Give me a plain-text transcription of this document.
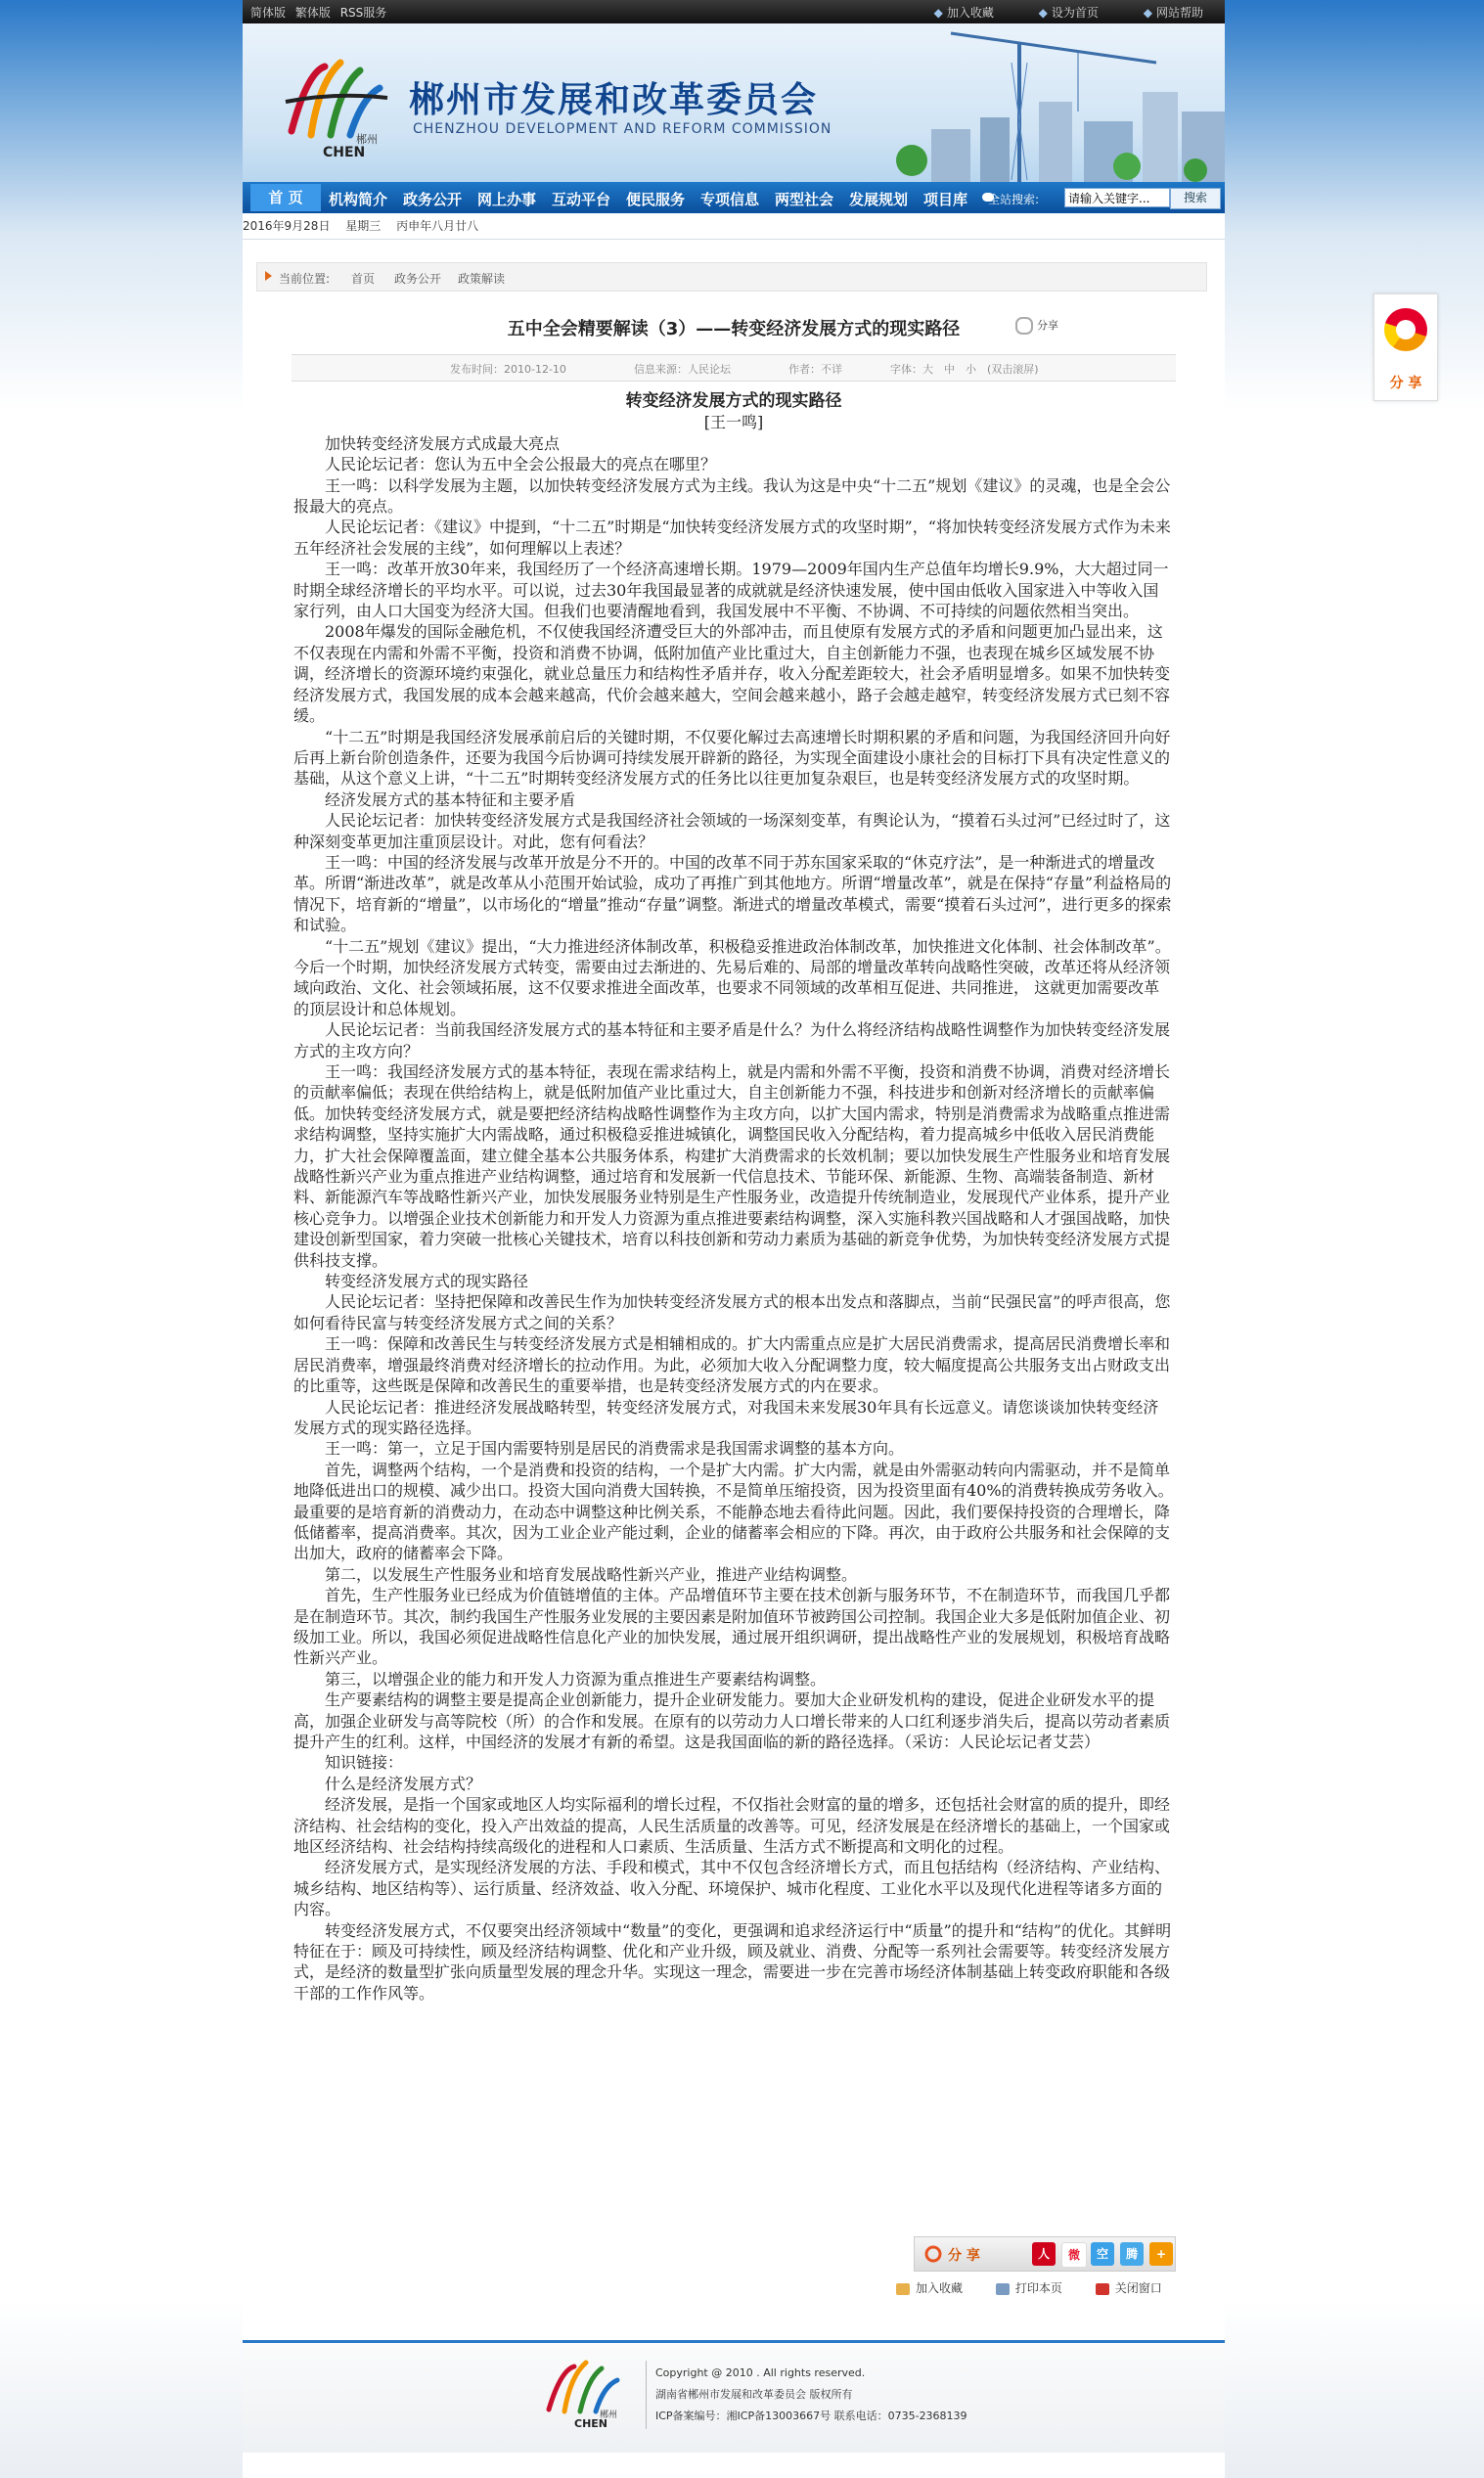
简体版 繁体版 RSS服务	◆ 加入收藏	◆ 设为首页	◆ 网站帮助
郴州
CHEN
郴州市发展和改革委员会
CHENZHOU DEVELOPMENT AND REFORM COMMISSION
首 页	机构简介 政务公开 网上办事 互动平台 便民服务 专项信息 两型社会 发展规划 项目库 全站搜索:
请输入关键字...	搜索
2016年9月28日 星期三 丙申年八月廿八
当前位置: 首页 政务公开 政策解读
五中全会精要解读（3）——转变经济发展方式的现实路径	分享
发布时间：2010-12-10	信息来源：人民论坛	作者：不详	字体：大　中　小　(双击滚屏)
转变经济发展方式的现实路径
[王一鸣]

加快转变经济发展方式成最大亮点

人民论坛记者：您认为五中全会公报最大的亮点在哪里？

王一鸣：以科学发展为主题，以加快转变经济发展方式为主线。我认为这是中央“十二五”规划《建议》的灵魂，也是全会公报最大的亮点。

人民论坛记者：《建议》中提到，“十二五”时期是“加快转变经济发展方式的攻坚时期”，“将加快转变经济发展方式作为未来五年经济社会发展的主线”，如何理解以上表述？

王一鸣：改革开放30年来，我国经历了一个经济高速增长期。1979—2009年国内生产总值年均增长9.9%，大大超过同一时期全球经济增长的平均水平。可以说，过去30年我国最显著的成就就是经济快速发展，使中国由低收入国家进入中等收入国家行列，由人口大国变为经济大国。但我们也要清醒地看到，我国发展中不平衡、不协调、不可持续的问题依然相当突出。

2008年爆发的国际金融危机，不仅使我国经济遭受巨大的外部冲击，而且使原有发展方式的矛盾和问题更加凸显出来，这不仅表现在内需和外需不平衡，投资和消费不协调，低附加值产业比重过大，自主创新能力不强，也表现在城乡区域发展不协调，经济增长的资源环境约束强化，就业总量压力和结构性矛盾并存，收入分配差距较大，社会矛盾明显增多。如果不加快转变经济发展方式，我国发展的成本会越来越高，代价会越来越大，空间会越来越小，路子会越走越窄，转变经济发展方式已刻不容缓。

“十二五”时期是我国经济发展承前启后的关键时期，不仅要化解过去高速增长时期积累的矛盾和问题，为我国经济回升向好后再上新台阶创造条件，还要为我国今后协调可持续发展开辟新的路径，为实现全面建设小康社会的目标打下具有决定性意义的基础，从这个意义上讲，“十二五”时期转变经济发展方式的任务比以往更加复杂艰巨，也是转变经济发展方式的攻坚时期。

经济发展方式的基本特征和主要矛盾

人民论坛记者：加快转变经济发展方式是我国经济社会领域的一场深刻变革，有舆论认为，“摸着石头过河”已经过时了，这种深刻变革更加注重顶层设计。对此，您有何看法？

王一鸣：中国的经济发展与改革开放是分不开的。中国的改革不同于苏东国家采取的“休克疗法”，是一种渐进式的增量改革。所谓“渐进改革”，就是改革从小范围开始试验，成功了再推广到其他地方。所谓“增量改革”，就是在保持“存量”利益格局的情况下，培育新的“增量”，以市场化的“增量”推动“存量”调整。渐进式的增量改革模式，需要“摸着石头过河”，进行更多的探索和试验。

“十二五”规划《建议》提出，“大力推进经济体制改革，积极稳妥推进政治体制改革，加快推进文化体制、社会体制改革”。今后一个时期，加快经济发展方式转变，需要由过去渐进的、先易后难的、局部的增量改革转向战略性突破，改革还将从经济领域向政治、文化、社会领域拓展，这不仅要求推进全面改革，也要求不同领域的改革相互促进、共同推进， 这就更加需要改革的顶层设计和总体规划。

人民论坛记者：当前我国经济发展方式的基本特征和主要矛盾是什么？为什么将经济结构战略性调整作为加快转变经济发展方式的主攻方向？

王一鸣：我国经济发展方式的基本特征，表现在需求结构上，就是内需和外需不平衡，投资和消费不协调，消费对经济增长的贡献率偏低；表现在供给结构上，就是低附加值产业比重过大，自主创新能力不强，科技进步和创新对经济增长的贡献率偏低。加快转变经济发展方式，就是要把经济结构战略性调整作为主攻方向，以扩大国内需求，特别是消费需求为战略重点推进需求结构调整，坚持实施扩大内需战略，通过积极稳妥推进城镇化，调整国民收入分配结构，着力提高城乡中低收入居民消费能力，扩大社会保障覆盖面，建立健全基本公共服务体系，构建扩大消费需求的长效机制；要以加快发展生产性服务业和培育发展战略性新兴产业为重点推进产业结构调整，通过培育和发展新一代信息技术、节能环保、新能源、生物、高端装备制造、新材料、新能源汽车等战略性新兴产业，加快发展服务业特别是生产性服务业，改造提升传统制造业，发展现代产业体系，提升产业核心竞争力。以增强企业技术创新能力和开发人力资源为重点推进要素结构调整，深入实施科教兴国战略和人才强国战略，加快建设创新型国家，着力突破一批核心关键技术，培育以科技创新和劳动力素质为基础的新竞争优势，为加快转变经济发展方式提供科技支撑。

转变经济发展方式的现实路径

人民论坛记者：坚持把保障和改善民生作为加快转变经济发展方式的根本出发点和落脚点，当前“民强民富”的呼声很高，您如何看待民富与转变经济发展方式之间的关系？

王一鸣：保障和改善民生与转变经济发展方式是相辅相成的。扩大内需重点应是扩大居民消费需求，提高居民消费增长率和居民消费率，增强最终消费对经济增长的拉动作用。为此，必须加大收入分配调整力度，较大幅度提高公共服务支出占财政支出的比重等，这些既是保障和改善民生的重要举措，也是转变经济发展方式的内在要求。

人民论坛记者：推进经济发展战略转型，转变经济发展方式，对我国未来发展30年具有长远意义。请您谈谈加快转变经济发展方式的现实路径选择。

王一鸣：第一，立足于国内需要特别是居民的消费需求是我国需求调整的基本方向。

首先，调整两个结构，一个是消费和投资的结构，一个是扩大内需。扩大内需，就是由外需驱动转向内需驱动，并不是简单地降低进出口的规模、减少出口。投资大国向消费大国转换，不是简单压缩投资，因为投资里面有40%的消费转换成劳务收入。最重要的是培育新的消费动力，在动态中调整这种比例关系，不能静态地去看待此问题。因此，我们要保持投资的合理增长，降低储蓄率，提高消费率。其次，因为工业企业产能过剩，企业的储蓄率会相应的下降。再次，由于政府公共服务和社会保障的支出加大，政府的储蓄率会下降。

第二，以发展生产性服务业和培育发展战略性新兴产业，推进产业结构调整。

首先，生产性服务业已经成为价值链增值的主体。产品增值环节主要在技术创新与服务环节，不在制造环节，而我国几乎都是在制造环节。其次，制约我国生产性服务业发展的主要因素是附加值环节被跨国公司控制。我国企业大多是低附加值企业、初级加工业。所以，我国必须促进战略性信息化产业的加快发展，通过展开组织调研，提出战略性产业的发展规划，积极培育战略性新兴产业。

第三，以增强企业的能力和开发人力资源为重点推进生产要素结构调整。

生产要素结构的调整主要是提高企业创新能力，提升企业研发能力。要加大企业研发机构的建设，促进企业研发水平的提高，加强企业研发与高等院校（所）的合作和发展。在原有的以劳动力人口增长带来的人口红利逐步消失后，提高以劳动者素质提升产生的红利。这样，中国经济的发展才有新的希望。这是我国面临的新的路径选择。（采访：人民论坛记者艾芸）

知识链接：

什么是经济发展方式？

经济发展，是指一个国家或地区人均实际福利的增长过程，不仅指社会财富的量的增多，还包括社会财富的质的提升，即经济结构、社会结构的变化，投入产出效益的提高，人民生活质量的改善等。可见，经济发展是在经济增长的基础上，一个国家或地区经济结构、社会结构持续高级化的进程和人口素质、生活质量、生活方式不断提高和文明化的过程。

经济发展方式，是实现经济发展的方法、手段和模式，其中不仅包含经济增长方式，而且包括结构（经济结构、产业结构、城乡结构、地区结构等）、运行质量、经济效益、收入分配、环境保护、城市化程度、工业化水平以及现代化进程等诸多方面的内容。

转变经济发展方式，不仅要突出经济领域中“数量”的变化，更强调和追求经济运行中“质量”的提升和“结构”的优化。其鲜明特征在于：顾及可持续性，顾及经济结构调整、优化和产业升级，顾及就业、消费、分配等一系列社会需要等。转变经济发展方式，是经济的数量型扩张向质量型发展的理念升华。实现这一理念，需要进一步在完善市场经济体制基础上转变政府职能和各级干部的工作作风等。

分 享	人	微	空	腾	+
加入收藏	打印本页	关闭窗口
郴州
CHEN
Copyright @ 2010 . All rights reserved.
湖南省郴州市发展和改革委员会 版权所有
ICP备案编号：湘ICP备13003667号 联系电话：0735-2368139
分 享
